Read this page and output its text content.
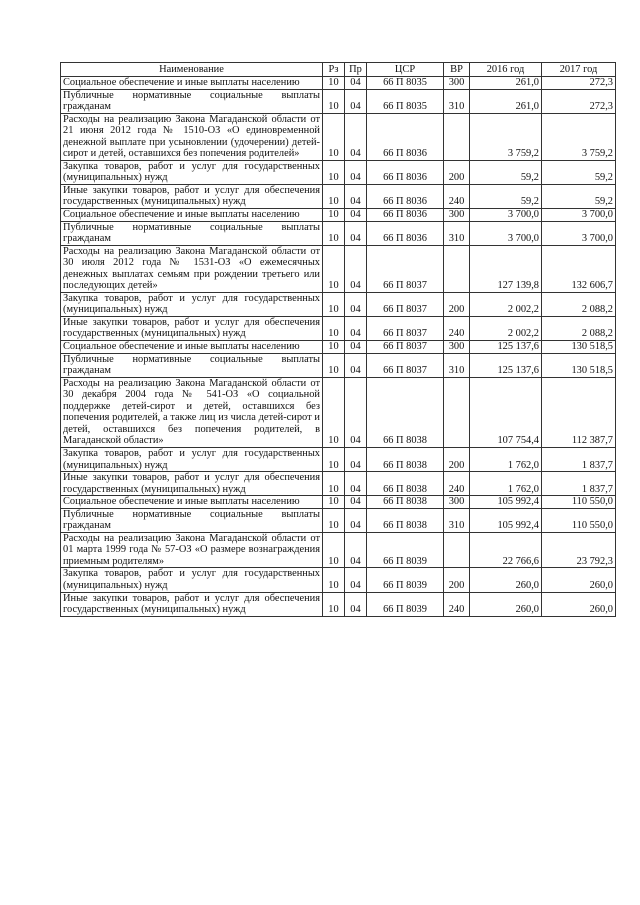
Наименование	Рз	Пр	ЦСР	ВР	2016 год	2017 год
Социальное обеспечение и иные выплаты населению	10	04	66 П 8035	300	261,0	272,3
Публичные нормативные социальные выплаты гражданам	10	04	66 П 8035	310	261,0	272,3
Расходы на реализацию Закона Магаданской области от 21 июня 2012 года № 1510-ОЗ «О единовременной денежной выплате при усыновлении (удочерении) детей-сирот и детей, оставшихся без попечения родителей»	10	04	66 П 8036		3 759,2	3 759,2
Закупка товаров, работ и услуг для государственных (муниципальных) нужд	10	04	66 П 8036	200	59,2	59,2
Иные закупки товаров, работ и услуг для обеспечения государственных (муниципальных) нужд	10	04	66 П 8036	240	59,2	59,2
Социальное обеспечение и иные выплаты населению	10	04	66 П 8036	300	3 700,0	3 700,0
Публичные нормативные социальные выплаты гражданам	10	04	66 П 8036	310	3 700,0	3 700,0
Расходы на реализацию Закона Магаданской области от 30 июля 2012 года № 1531-ОЗ «О ежемесячных денежных выплатах семьям при рождении третьего или последующих детей»	10	04	66 П 8037		127 139,8	132 606,7
Закупка товаров, работ и услуг для государственных (муниципальных) нужд	10	04	66 П 8037	200	2 002,2	2 088,2
Иные закупки товаров, работ и услуг для обеспечения государственных (муниципальных) нужд	10	04	66 П 8037	240	2 002,2	2 088,2
Социальное обеспечение и иные выплаты населению	10	04	66 П 8037	300	125 137,6	130 518,5
Публичные нормативные социальные выплаты гражданам	10	04	66 П 8037	310	125 137,6	130 518,5
Расходы на реализацию Закона Магаданской области от 30 декабря 2004 года № 541-ОЗ «О социальной поддержке детей-сирот и детей, оставшихся без попечения родителей, а также лиц из числа детей-сирот и детей, оставшихся без попечения родителей, в Магаданской области»	10	04	66 П 8038		107 754,4	112 387,7
Закупка товаров, работ и услуг для государственных (муниципальных) нужд	10	04	66 П 8038	200	1 762,0	1 837,7
Иные закупки товаров, работ и услуг для обеспечения государственных (муниципальных) нужд	10	04	66 П 8038	240	1 762,0	1 837,7
Социальное обеспечение и иные выплаты населению	10	04	66 П 8038	300	105 992,4	110 550,0
Публичные нормативные социальные выплаты гражданам	10	04	66 П 8038	310	105 992,4	110 550,0
Расходы на реализацию Закона Магаданской области от 01 марта 1999 года № 57-ОЗ «О размере вознаграждения приемным родителям»	10	04	66 П 8039		22 766,6	23 792,3
Закупка товаров, работ и услуг для государственных (муниципальных) нужд	10	04	66 П 8039	200	260,0	260,0
Иные закупки товаров, работ и услуг для обеспечения государственных (муниципальных) нужд	10	04	66 П 8039	240	260,0	260,0
